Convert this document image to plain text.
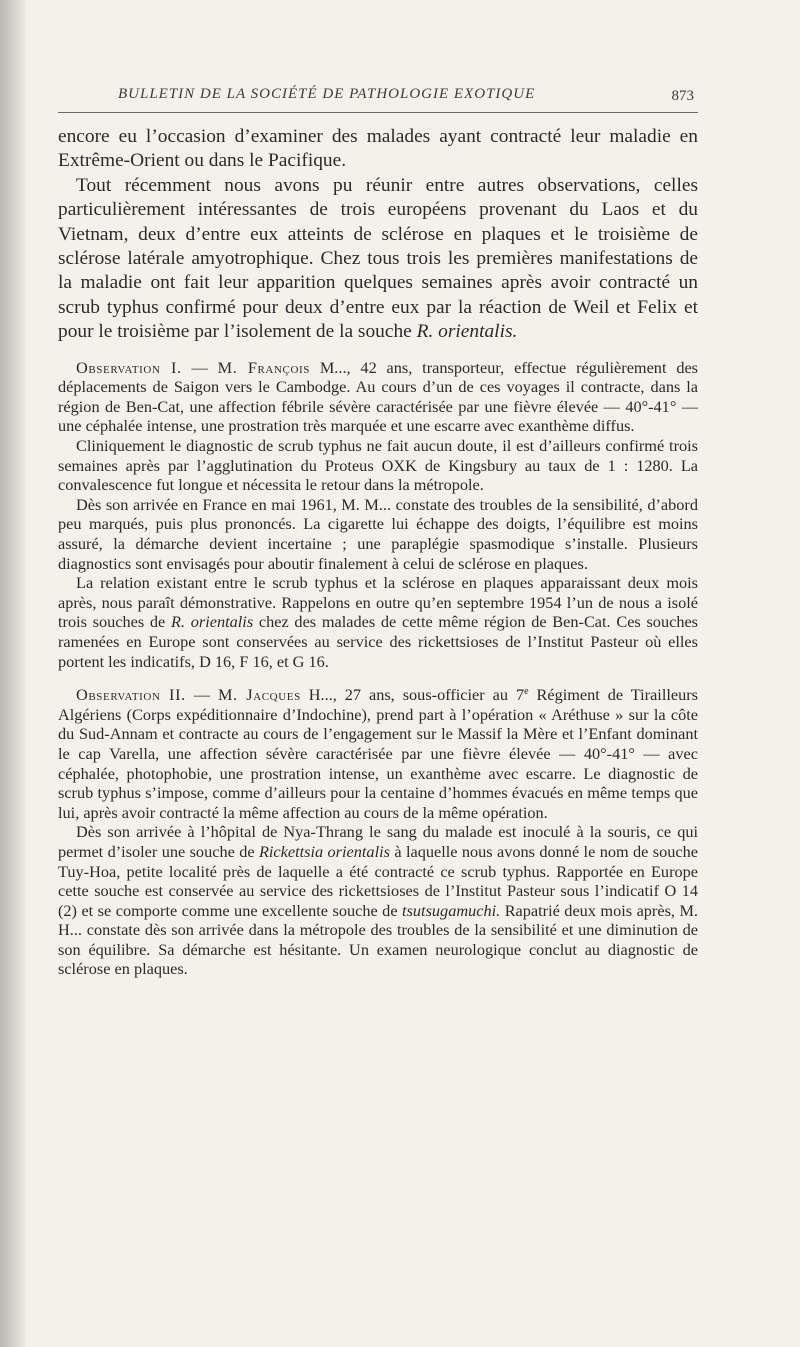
BULLETIN DE LA SOCIÉTÉ DE PATHOLOGIE EXOTIQUE	873

encore eu l’occasion d’examiner des malades ayant contracté leur maladie en Extrême-Orient ou dans le Pacifique.

Tout récemment nous avons pu réunir entre autres observations, celles particulièrement intéressantes de trois européens provenant du Laos et du Vietnam, deux d’entre eux atteints de sclérose en plaques et le troisième de sclérose latérale amyotrophique. Chez tous trois les premières manifestations de la maladie ont fait leur apparition quelques semaines après avoir contracté un scrub typhus confirmé pour deux d’entre eux par la réaction de Weil et Felix et pour le troisième par l’isolement de la souche R. orientalis.

Observation I. — M. François M..., 42 ans, transporteur, effectue régulièrement des déplacements de Saigon vers le Cambodge. Au cours d’un de ces voyages il contracte, dans la région de Ben-Cat, une affection fébrile sévère caractérisée par une fièvre élevée — 40°-41° — une céphalée intense, une prostration très marquée et une escarre avec exanthème diffus.

Cliniquement le diagnostic de scrub typhus ne fait aucun doute, il est d’ailleurs confirmé trois semaines après par l’agglutination du Proteus OXK de Kingsbury au taux de 1 : 1280. La convalescence fut longue et nécessita le retour dans la métropole.

Dès son arrivée en France en mai 1961, M. M... constate des troubles de la sensibilité, d’abord peu marqués, puis plus prononcés. La cigarette lui échappe des doigts, l’équilibre est moins assuré, la démarche devient incertaine ; une paraplégie spasmodique s’installe. Plusieurs diagnostics sont envisagés pour aboutir finalement à celui de sclérose en plaques.

La relation existant entre le scrub typhus et la sclérose en plaques apparaissant deux mois après, nous paraît démonstrative. Rappelons en outre qu’en septembre 1954 l’un de nous a isolé trois souches de R. orientalis chez des malades de cette même région de Ben-Cat. Ces souches ramenées en Europe sont conservées au service des rickettsioses de l’Institut Pasteur où elles portent les indicatifs, D 16, F 16, et G 16.

Observation II. — M. Jacques H..., 27 ans, sous-officier au 7e Régiment de Tirailleurs Algériens (Corps expéditionnaire d’Indochine), prend part à l’opération « Aréthuse » sur la côte du Sud-Annam et contracte au cours de l’engagement sur le Massif la Mère et l’Enfant dominant le cap Varella, une affection sévère caractérisée par une fièvre élevée — 40°-41° — avec céphalée, photophobie, une prostration intense, un exanthème avec escarre. Le diagnostic de scrub typhus s’impose, comme d’ailleurs pour la centaine d’hommes évacués en même temps que lui, après avoir contracté la même affection au cours de la même opération.

Dès son arrivée à l’hôpital de Nya-Thrang le sang du malade est inoculé à la souris, ce qui permet d’isoler une souche de Rickettsia orientalis à laquelle nous avons donné le nom de souche Tuy-Hoa, petite localité près de laquelle a été contracté ce scrub typhus. Rapportée en Europe cette souche est conservée au service des rickettsioses de l’Institut Pasteur sous l’indicatif O 14 (2) et se comporte comme une excellente souche de tsutsugamuchi. Rapatrié deux mois après, M. H... constate dès son arrivée dans la métropole des troubles de la sensibilité et une diminution de son équilibre. Sa démarche est hésitante. Un examen neurologique conclut au diagnostic de sclérose en plaques.
